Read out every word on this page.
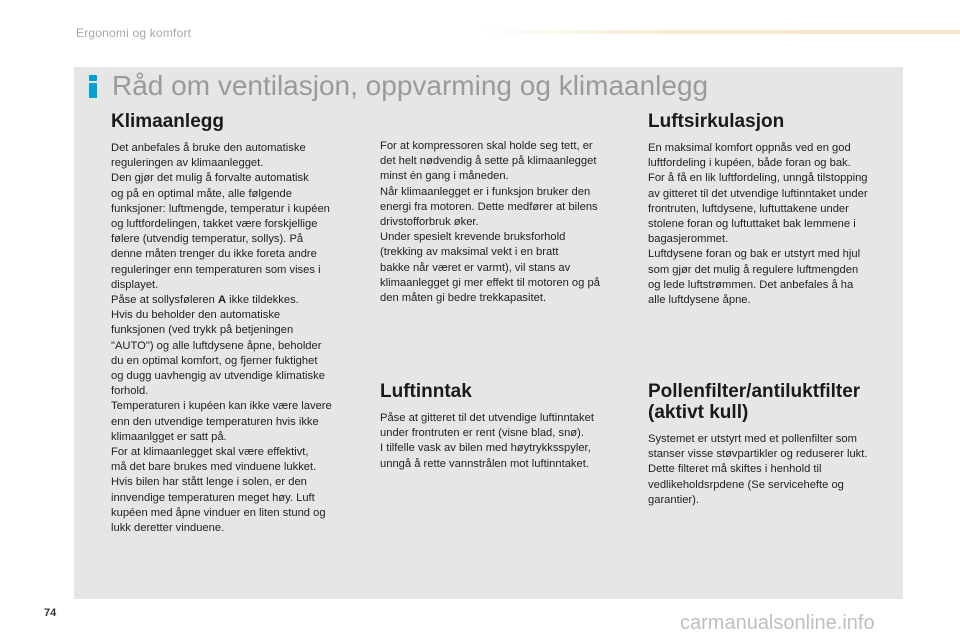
Ergonomi og komfort
Råd om ventilasjon, oppvarming og klimaanlegg
Klimaanlegg

Det anbefales å bruke den automatiske
reguleringen av klimaanlegget.
Den gjør det mulig å forvalte automatisk
og på en optimal måte, alle følgende
funksjoner: luftmengde, temperatur i kupéen
og luftfordelingen, takket være forskjellige
følere (utvendig temperatur, sollys). På
denne måten trenger du ikke foreta andre
reguleringer enn temperaturen som vises i
displayet.

Påse at sollysføleren A ikke tildekkes.

Hvis du beholder den automatiske
funksjonen (ved trykk på betjeningen
"AUTO") og alle luftdysene åpne, beholder
du en optimal komfort, og fjerner fuktighet
og dugg uavhengig av utvendige klimatiske
forhold.
Temperaturen i kupéen kan ikke være lavere
enn den utvendige temperaturen hvis ikke
klimaanlgget er satt på.
For at klimaanlegget skal være effektivt,
må det bare brukes med vinduene lukket.
Hvis bilen har stått lenge i solen, er den
innvendige temperaturen meget høy. Luft
kupéen med åpne vinduer en liten stund og
lukk deretter vinduene.

For at kompressoren skal holde seg tett, er
det helt nødvendig å sette på klimaanlegget
minst én gang i måneden.
Når klimaanlegget er i funksjon bruker den
energi fra motoren. Dette medfører at bilens
drivstofforbruk øker.
Under spesielt krevende bruksforhold
(trekking av maksimal vekt i en bratt
bakke når været er varmt), vil stans av
klimaanlegget gi mer effekt til motoren og på
den måten gi bedre trekkapasitet.

Luftinntak

Påse at gitteret til det utvendige luftinntaket
under frontruten er rent (visne blad, snø).
I tilfelle vask av bilen med høytrykksspyler,
unngå å rette vannstrålen mot luftinntaket.

Luftsirkulasjon

En maksimal komfort oppnås ved en god
luftfordeling i kupéen, både foran og bak.
For å få en lik luftfordeling, unngå tilstopping
av gitteret til det utvendige luftinntaket under
frontruten, luftdysene, luftuttakene under
stolene foran og luftuttaket bak lemmene i
bagasjerommet.
Luftdysene foran og bak er utstyrt med hjul
som gjør det mulig å regulere luftmengden
og lede luftstrømmen. Det anbefales å ha
alle luftdysene åpne.

Pollenfilter/antiluktfilter
(aktivt kull)

Systemet er utstyrt med et pollenfilter som
stanser visse støvpartikler og reduserer lukt.
Dette filteret må skiftes i henhold til
vedlikeholdsrpdene (Se servicehefte og
garantier).

74	carmanualsonline.info
